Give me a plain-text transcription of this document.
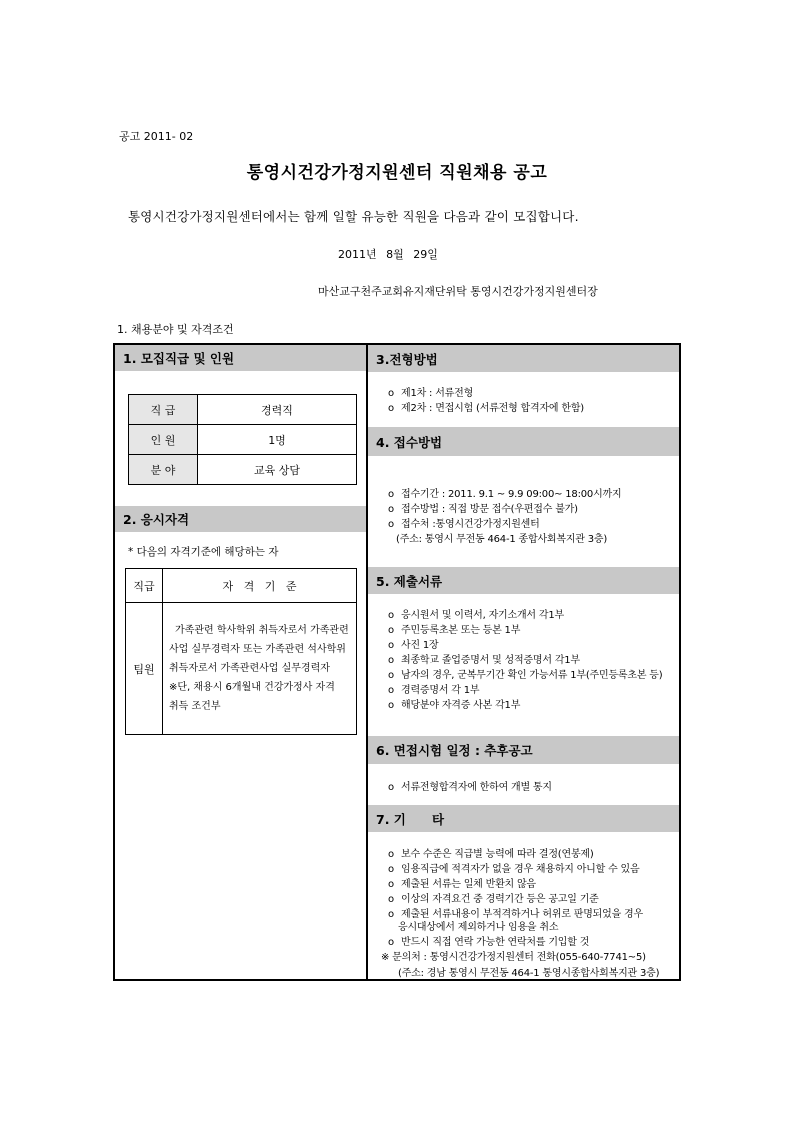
공고 2011- 02
통영시건강가정지원센터 직원채용 공고
통영시건강가정지원센터에서는 함께 일할 유능한 직원을 다음과 같이 모집합니다.
2011년 8월 29일
마산교구천주교회유지재단위탁 통영시건강가정지원센터장
1. 채용분야 및 자격조건
1. 모집직급 및 인원
직 급	경력직
인 원	1명
분 야	교육 상담
2. 응시자격
* 다음의 자격기준에 해당하는 자
직급	자   격   기   준
팀원	가족관련 학사학위 취득자로서 가족관련
사업 실무경력자 또는 가족관련 석사학위
취득자로서 가족관련사업 실무경력자
※단, 채용시 6개월내 건강가정사 자격
취득 조건부
3.전형방법
o 제1차 : 서류전형
o 제2차 : 면접시험 (서류전형 합격자에 한함)
4. 접수방법
o 접수기간 : 2011. 9.1 ~ 9.9 09:00~ 18:00시까지
o 접수방법 : 직접 방문 접수(우편접수 불가)
o 접수처 :통영시건강가정지원센터
(주소: 통영시 무전동 464-1 종합사회복지관 3층)
5. 제출서류
o 응시원서 및 이력서, 자기소개서 각1부
o 주민등록초본 또는 등본 1부
o 사진 1장
o 최종학교 졸업증명서 및 성적증명서 각1부
o 남자의 경우, 군복무기간 확인 가능서류 1부(주민등록초본 등)
o 경력증명서 각 1부
o 해당분야 자격증 사본 각1부
6. 면접시험 일정 : 추후공고
o 서류전형합격자에 한하여 개별 통지
7. 기      타
o 보수 수준은 직급별 능력에 따라 결정(연봉제)
o 임용직급에 적격자가 없을 경우 채용하지 아니할 수 있음
o 제출된 서류는 일체 반환치 않음
o 이상의 자격요건 중 경력기간 등은 공고일 기준
o 제출된 서류내용이 부적격하거나 허위로 판명되었을 경우
응시대상에서 제외하거나 임용을 취소
o 반드시 직접 연락 가능한 연락처를 기입할 것
※ 문의처 : 통영시건강가정지원센터 전화(055-640-7741~5)
(주소: 경남 통영시 무전동 464-1 통영시종합사회복지관 3층)
